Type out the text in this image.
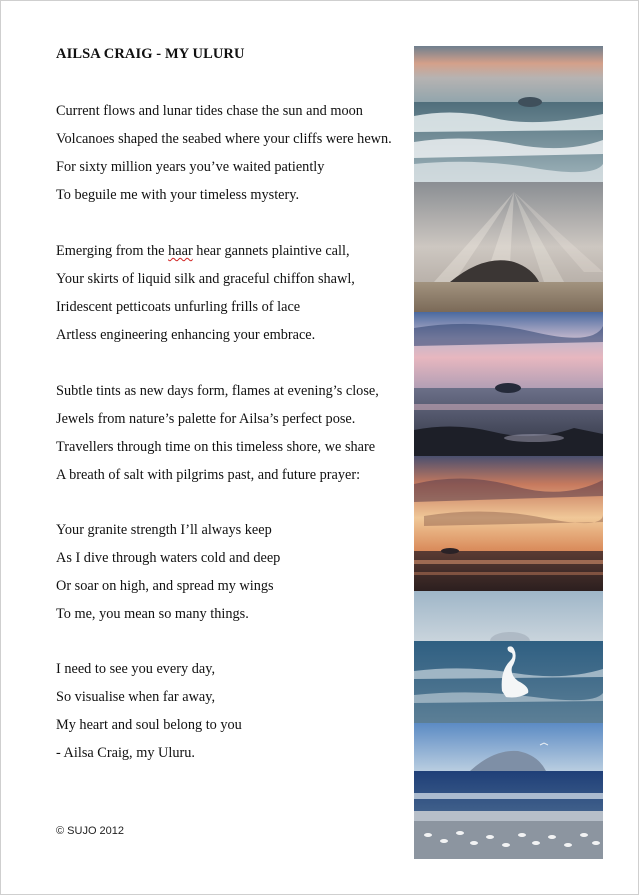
AILSA CRAIG - MY ULURU
Current flows and lunar tides chase the sun and moon
Volcanoes shaped the seabed where your cliffs were hewn.
For sixty million years you’ve waited patiently
To beguile me with your timeless mystery.
Emerging from the haar hear gannets plaintive call,
Your skirts of liquid silk and graceful chiffon shawl,
Iridescent petticoats unfurling frills of lace
Artless engineering enhancing your embrace.
Subtle tints as new days form, flames at evening’s close,
Jewels from nature’s palette for Ailsa’s perfect pose.
Travellers through time on this timeless shore, we share
A breath of salt with pilgrims past, and future prayer:
Your granite strength I’ll always keep
As I dive through waters cold and deep
Or soar on high, and spread my wings
To me, you mean so many things.
I need to see you every day,
So visualise when far away,
My heart and soul belong to you
- Ailsa Craig, my Uluru.
© SUJO 2012
